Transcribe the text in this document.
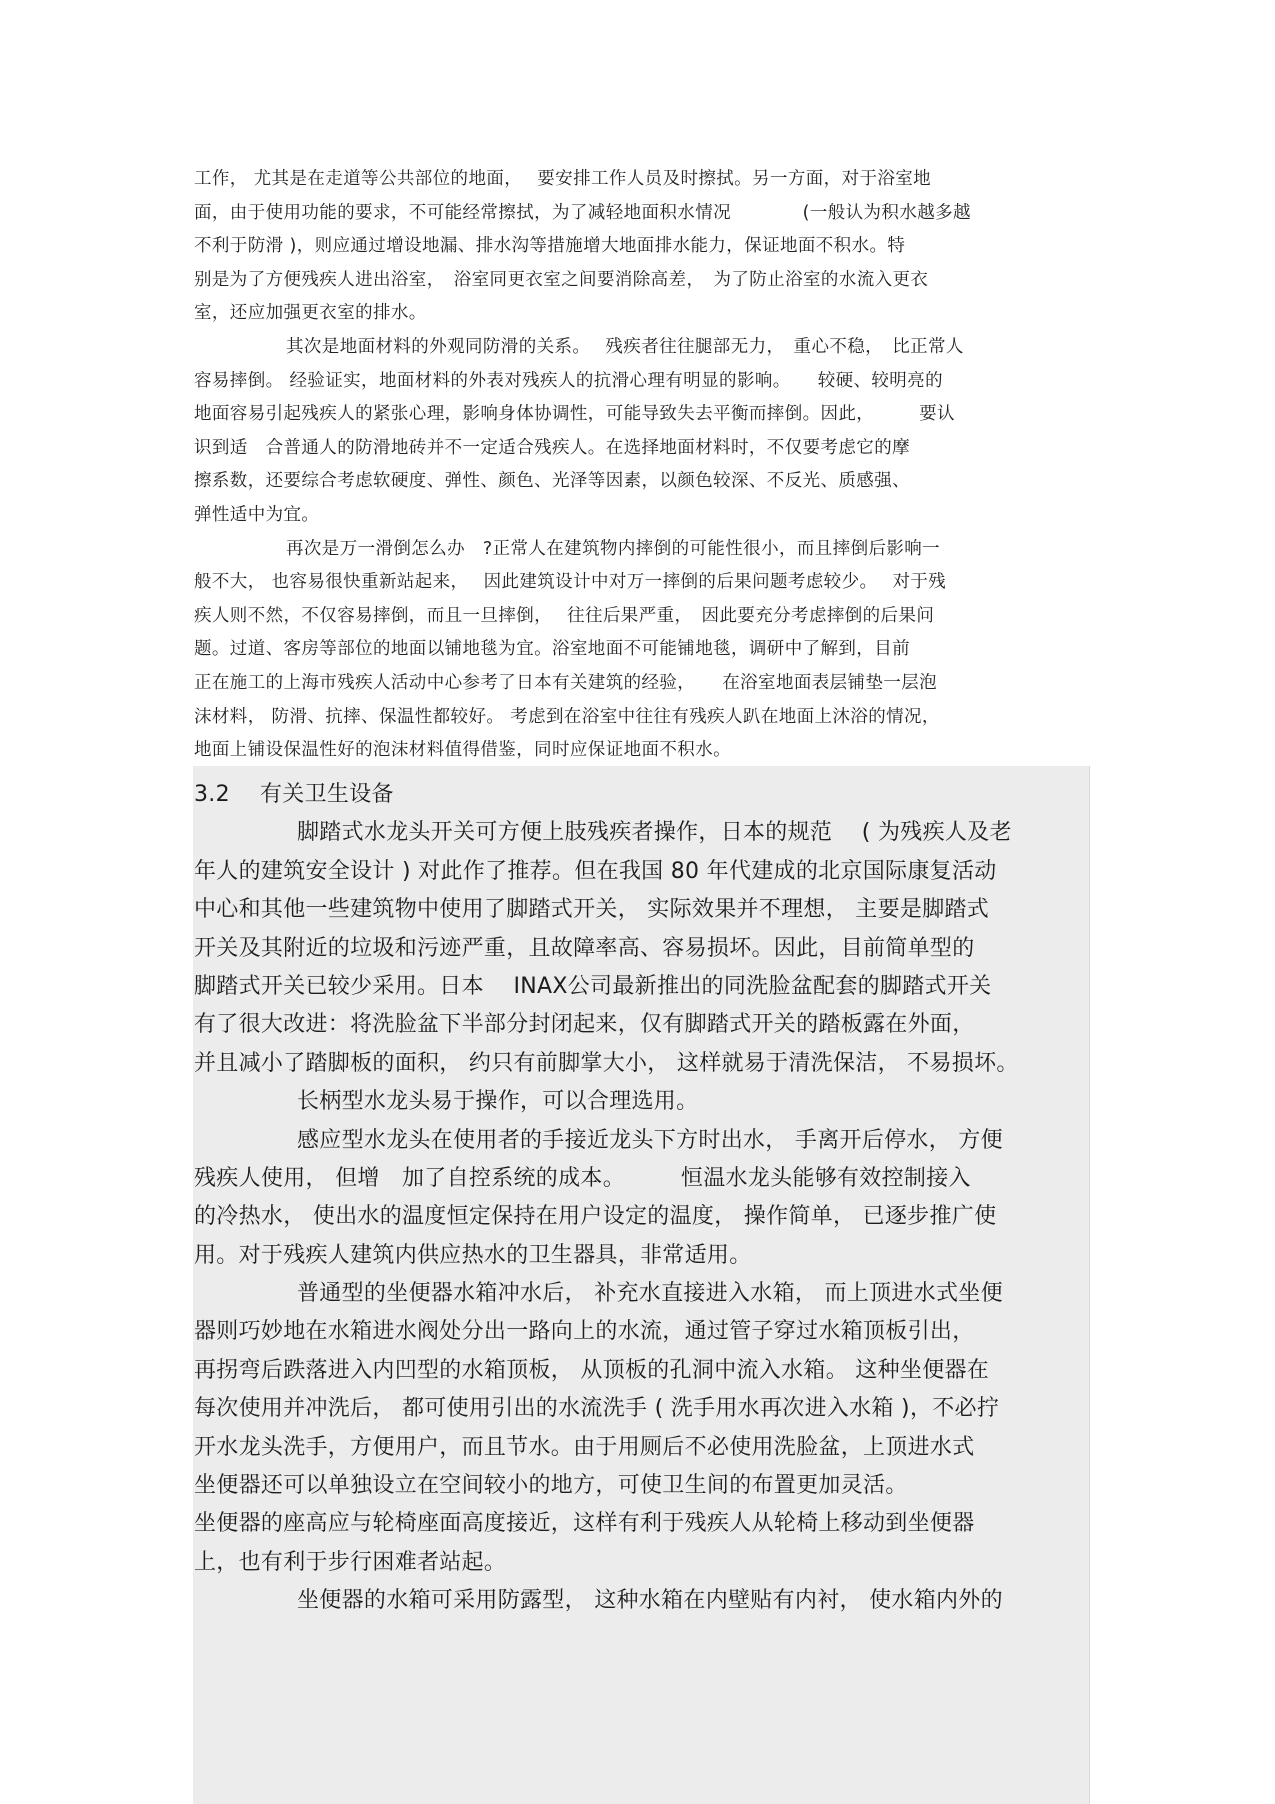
工作， 尤其是在走道等公共部位的地面，　 要安排工作人员及时擦拭。另一方面，对于浴室地
面，由于使用功能的要求，不可能经常擦拭，为了减轻地面积水情况　　　　(一般认为积水越多越
不利于防滑 )，则应通过增设地漏、排水沟等措施增大地面排水能力，保证地面不积水。特
别是为了方便残疾人进出浴室，　浴室同更衣室之间要消除高差，　为了防止浴室的水流入更衣
室，还应加强更衣室的排水。
其次是地面材料的外观同防滑的关系。　 残疾者往往腿部无力，　重心不稳，　比正常人
容易摔倒。 经验证实，地面材料的外表对残疾人的抗滑心理有明显的影响。　　较硬、较明亮的
地面容易引起残疾人的紧张心理，影响身体协调性，可能导致失去平衡而摔倒。因此，　　　要认
识到适　合普通人的防滑地砖并不一定适合残疾人。在选择地面材料时，不仅要考虑它的摩
擦系数，还要综合考虑软硬度、弹性、颜色、光泽等因素，以颜色较深、不反光、质感强、
弹性适中为宜。
再次是万一滑倒怎么办　?正常人在建筑物内摔倒的可能性很小，而且摔倒后影响一
般不大， 也容易很快重新站起来，　 因此建筑设计中对万一摔倒的后果问题考虑较少。　 对于残
疾人则不然，不仅容易摔倒，而且一旦摔倒，　 往往后果严重，　因此要充分考虑摔倒的后果问
题。过道、客房等部位的地面以铺地毯为宜。浴室地面不可能铺地毯，调研中了解到，目前
正在施工的上海市残疾人活动中心参考了日本有关建筑的经验，　　在浴室地面表层铺垫一层泡
沫材料， 防滑、抗摔、保温性都较好。 考虑到在浴室中往往有残疾人趴在地面上沐浴的情况，
地面上铺设保温性好的泡沫材料值得借鉴，同时应保证地面不积水。
3.2 有关卫生设备
脚踏式水龙头开关可方便上肢残疾者操作，日本的规范　 ( 为残疾人及老
年人的建筑安全设计 ) 对此作了推荐。但在我国 80 年代建成的北京国际康复活动
中心和其他一些建筑物中使用了脚踏式开关， 实际效果并不理想， 主要是脚踏式
开关及其附近的垃圾和污迹严重，且故障率高、容易损坏。因此，目前简单型的
脚踏式开关已较少采用。日本　 INAX公司最新推出的同洗脸盆配套的脚踏式开关
有了很大改进：将洗脸盆下半部分封闭起来，仅有脚踏式开关的踏板露在外面，
并且减小了踏脚板的面积， 约只有前脚掌大小， 这样就易于清洗保洁， 不易损坏。
长柄型水龙头易于操作，可以合理选用。
感应型水龙头在使用者的手接近龙头下方时出水， 手离开后停水， 方便
残疾人使用， 但增　加了自控系统的成本。　　　恒温水龙头能够有效控制接入
的冷热水， 使出水的温度恒定保持在用户设定的温度， 操作简单， 已逐步推广使
用。对于残疾人建筑内供应热水的卫生器具，非常适用。
普通型的坐便器水箱冲水后， 补充水直接进入水箱， 而上顶进水式坐便
器则巧妙地在水箱进水阀处分出一路向上的水流，通过管子穿过水箱顶板引出，
再拐弯后跌落进入内凹型的水箱顶板， 从顶板的孔洞中流入水箱。 这种坐便器在
每次使用并冲洗后， 都可使用引出的水流洗手 ( 洗手用水再次进入水箱 )，不必拧
开水龙头洗手，方便用户，而且节水。由于用厕后不必使用洗脸盆，上顶进水式
坐便器还可以单独设立在空间较小的地方，可使卫生间的布置更加灵活。
坐便器的座高应与轮椅座面高度接近，这样有利于残疾人从轮椅上移动到坐便器
上，也有利于步行困难者站起。
坐便器的水箱可采用防露型， 这种水箱在内壁贴有内衬， 使水箱内外的
